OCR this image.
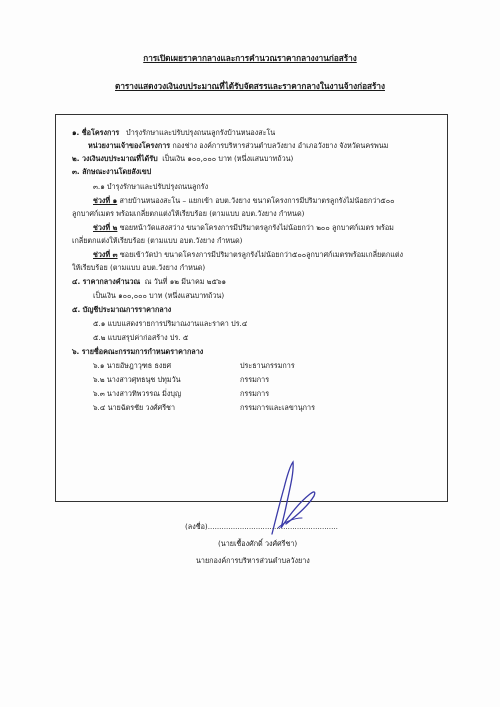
การเปิดเผยราคากลางและการคำนวณราคากลางงานก่อสร้าง
ตารางแสดงวงเงินงบประมาณที่ได้รับจัดสรรและราคากลางในงานจ้างก่อสร้าง
๑. ชื่อโครงการ บำรุงรักษาและปรับปรุงถนนลูกรังบ้านหนองสะโน
หน่วยงานเจ้าของโครงการ กองช่าง องค์การบริหารส่วนตำบลวังยาง อำเภอวังยาง จังหวัดนครพนม
๒. วงเงินงบประมาณที่ได้รับ เป็นเงิน ๑๐๐,๐๐๐ บาท (หนึ่งแสนบาทถ้วน)
๓. ลักษณะงานโดยสังเขป
๓.๑ บำรุงรักษาและปรับปรุงถนนลูกรัง
ช่วงที่ ๑ สายบ้านหนองสะโน – แยกเข้า อบต.วังยาง ขนาดโครงการมีปริมาตรลูกรังไม่น้อยกว่า๕๐๐
ลูกบาศก์เมตร พร้อมเกลี่ยตกแต่งให้เรียบร้อย (ตามแบบ อบต.วังยาง กำหนด)
ช่วงที่ ๒ ซอยหน้าวัดแสงสว่าง ขนาดโครงการมีปริมาตรลูกรังไม่น้อยกว่า ๒๐๐ ลูกบาศก์เมตร พร้อม
เกลี่ยตกแต่งให้เรียบร้อย (ตามแบบ อบต.วังยาง กำหนด)
ช่วงที่ ๓ ซอยเข้าวัดป่า ขนาดโครงการมีปริมาตรลูกรังไม่น้อยกว่า๕๐๐ลูกบาศก์เมตรพร้อมเกลี่ยตกแต่ง
ให้เรียบร้อย (ตามแบบ อบต.วังยาง กำหนด)
๔. ราคากลางคำนวณ ณ วันที่ ๑๒ มีนาคม ๒๕๖๑
เป็นเงิน ๑๐๐,๐๐๐ บาท (หนึ่งแสนบาทถ้วน)
๕. บัญชีประมาณการราคากลาง
๕.๑ แบบแสดงรายการปริมาณงานและราคา ปร.๔
๕.๒ แบบสรุปค่าก่อสร้าง ปร. ๕
๖. รายชื่อคณะกรรมการกำหนดราคากลาง
๖.๑ นายอัษฎาวุฑธ ธงยศ	ประธานกรรมการ
๖.๒ นางสาวศุทธนุช ปทุมวัน	กรรมการ
๖.๓ นางสาวทิพวรรณ มิ่งบุญ	กรรมการ
๖.๔ นายฉัตรชัย วงศ์ศรีชา	กรรมการและเลขานุการ
(ลงชื่อ).........................................................
(นายเชื้องศักดิ์ วงศ์ศรีชา)
นายกองค์การบริหารส่วนตำบลวังยาง
